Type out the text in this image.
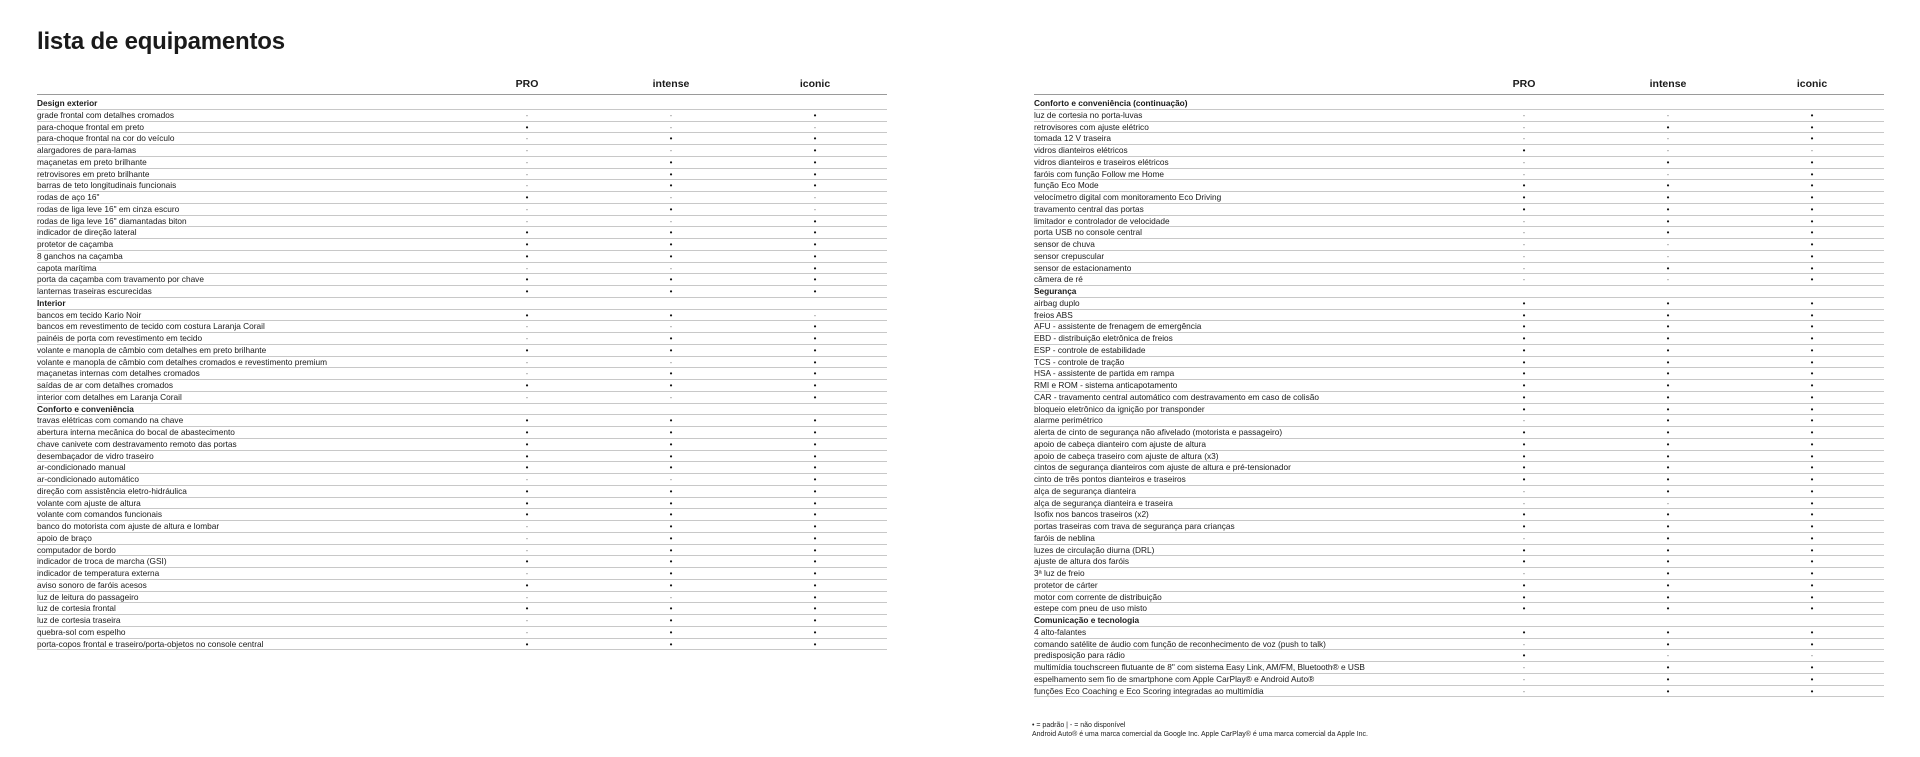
lista de equipamentos
PRO	intense	iconic
Design exterior
grade frontal com detalhes cromados	-	-	•
para-choque frontal em preto	•	-	-
para-choque frontal na cor do veículo	-	•	•
alargadores de para-lamas	-	-	•
maçanetas em preto brilhante	-	•	•
retrovisores em preto brilhante	-	•	•
barras de teto longitudinais funcionais	-	•	•
rodas de aço 16"	•	-	-
rodas de liga leve 16" em cinza escuro	-	•	-
rodas de liga leve 16" diamantadas biton	-	-	•
indicador de direção lateral	•	•	•
protetor de caçamba	•	•	•
8 ganchos na caçamba	•	•	•
capota marítima	-	-	•
porta da caçamba com travamento por chave	•	•	•
lanternas traseiras escurecidas	•	•	•
Interior
bancos em tecido Kario Noir	•	•	-
bancos em revestimento de tecido com costura Laranja Corail	-	-	•
painéis de porta com revestimento em tecido	-	•	•
volante e manopla de câmbio com detalhes em preto brilhante	•	•	•
volante e manopla de câmbio com detalhes cromados e revestimento premium	-	-	•
maçanetas internas com detalhes cromados	-	•	•
saídas de ar com detalhes cromados	•	•	•
interior com detalhes em Laranja Corail	-	-	•
Conforto e conveniência
travas elétricas com comando na chave	•	•	•
abertura interna mecânica do bocal de abastecimento	•	•	•
chave canivete com destravamento remoto das portas	•	•	•
desembaçador de vidro traseiro	•	•	•
ar-condicionado manual	•	•	•
ar-condicionado automático	-	-	•
direção com assistência eletro-hidráulica	•	•	•
volante com ajuste de altura	•	•	•
volante com comandos funcionais	•	•	•
banco do motorista com ajuste de altura e lombar	-	•	•
apoio de braço	-	•	•
computador de bordo	-	•	•
indicador de troca de marcha (GSI)	•	•	•
indicador de temperatura externa	-	•	•
aviso sonoro de faróis acesos	•	•	•
luz de leitura do passageiro	-	-	•
luz de cortesia frontal	•	•	•
luz de cortesia traseira	-	•	•
quebra-sol com espelho	-	•	•
porta-copos frontal e traseiro/porta-objetos no console central	•	•	•
PRO	intense	iconic
Conforto e conveniência (continuação)
luz de cortesia no porta-luvas	-	-	•
retrovisores com ajuste elétrico	-	•	•
tomada 12 V traseira	-	-	•
vidros dianteiros elétricos	•	-	-
vidros dianteiros e traseiros elétricos	-	•	•
faróis com função Follow me Home	-	-	•
função Eco Mode	•	•	•
velocímetro digital com monitoramento Eco Driving	•	•	•
travamento central das portas	•	•	•
limitador e controlador de velocidade	-	•	•
porta USB no console central	-	•	•
sensor de chuva	-	-	•
sensor crepuscular	-	-	•
sensor de estacionamento	-	•	•
câmera de ré	-	-	•
Segurança
airbag duplo	•	•	•
freios ABS	•	•	•
AFU - assistente de frenagem de emergência	•	•	•
EBD - distribuição eletrônica de freios	•	•	•
ESP - controle de estabilidade	•	•	•
TCS - controle de tração	•	•	•
HSA - assistente de partida em rampa	•	•	•
RMI e ROM - sistema anticapotamento	•	•	•
CAR - travamento central automático com destravamento em caso de colisão	•	•	•
bloqueio eletrônico da ignição por transponder	•	•	•
alarme perimétrico	-	•	•
alerta de cinto de segurança não afivelado (motorista e passageiro)	•	•	•
apoio de cabeça dianteiro com ajuste de altura	•	•	•
apoio de cabeça traseiro com ajuste de altura (x3)	•	•	•
cintos de segurança dianteiros com ajuste de altura e pré-tensionador	•	•	•
cinto de três pontos dianteiros e traseiros	•	•	•
alça de segurança dianteira	-	•	•
alça de segurança dianteira e traseira	-	-	•
Isofix nos bancos traseiros (x2)	•	•	•
portas traseiras com trava de segurança para crianças	•	•	•
faróis de neblina	-	•	•
luzes de circulação diurna (DRL)	•	•	•
ajuste de altura dos faróis	•	•	•
3ª luz de freio	-	•	•
protetor de cárter	•	•	•
motor com corrente de distribuição	•	•	•
estepe com pneu de uso misto	•	•	•
Comunicação e tecnologia
4 alto-falantes	•	•	•
comando satélite de áudio com função de reconhecimento de voz (push to talk)	-	•	•
predisposição para rádio	•	-	-
multimídia touchscreen flutuante de 8" com sistema Easy Link, AM/FM, Bluetooth® e USB	-	•	•
espelhamento sem fio de smartphone com Apple CarPlay® e Android Auto®	-	•	•
funções Eco Coaching e Eco Scoring integradas ao multimídia	-	•	•
• = padrão | - = não disponível
Android Auto® é uma marca comercial da Google Inc. Apple CarPlay® é uma marca comercial da Apple Inc.
